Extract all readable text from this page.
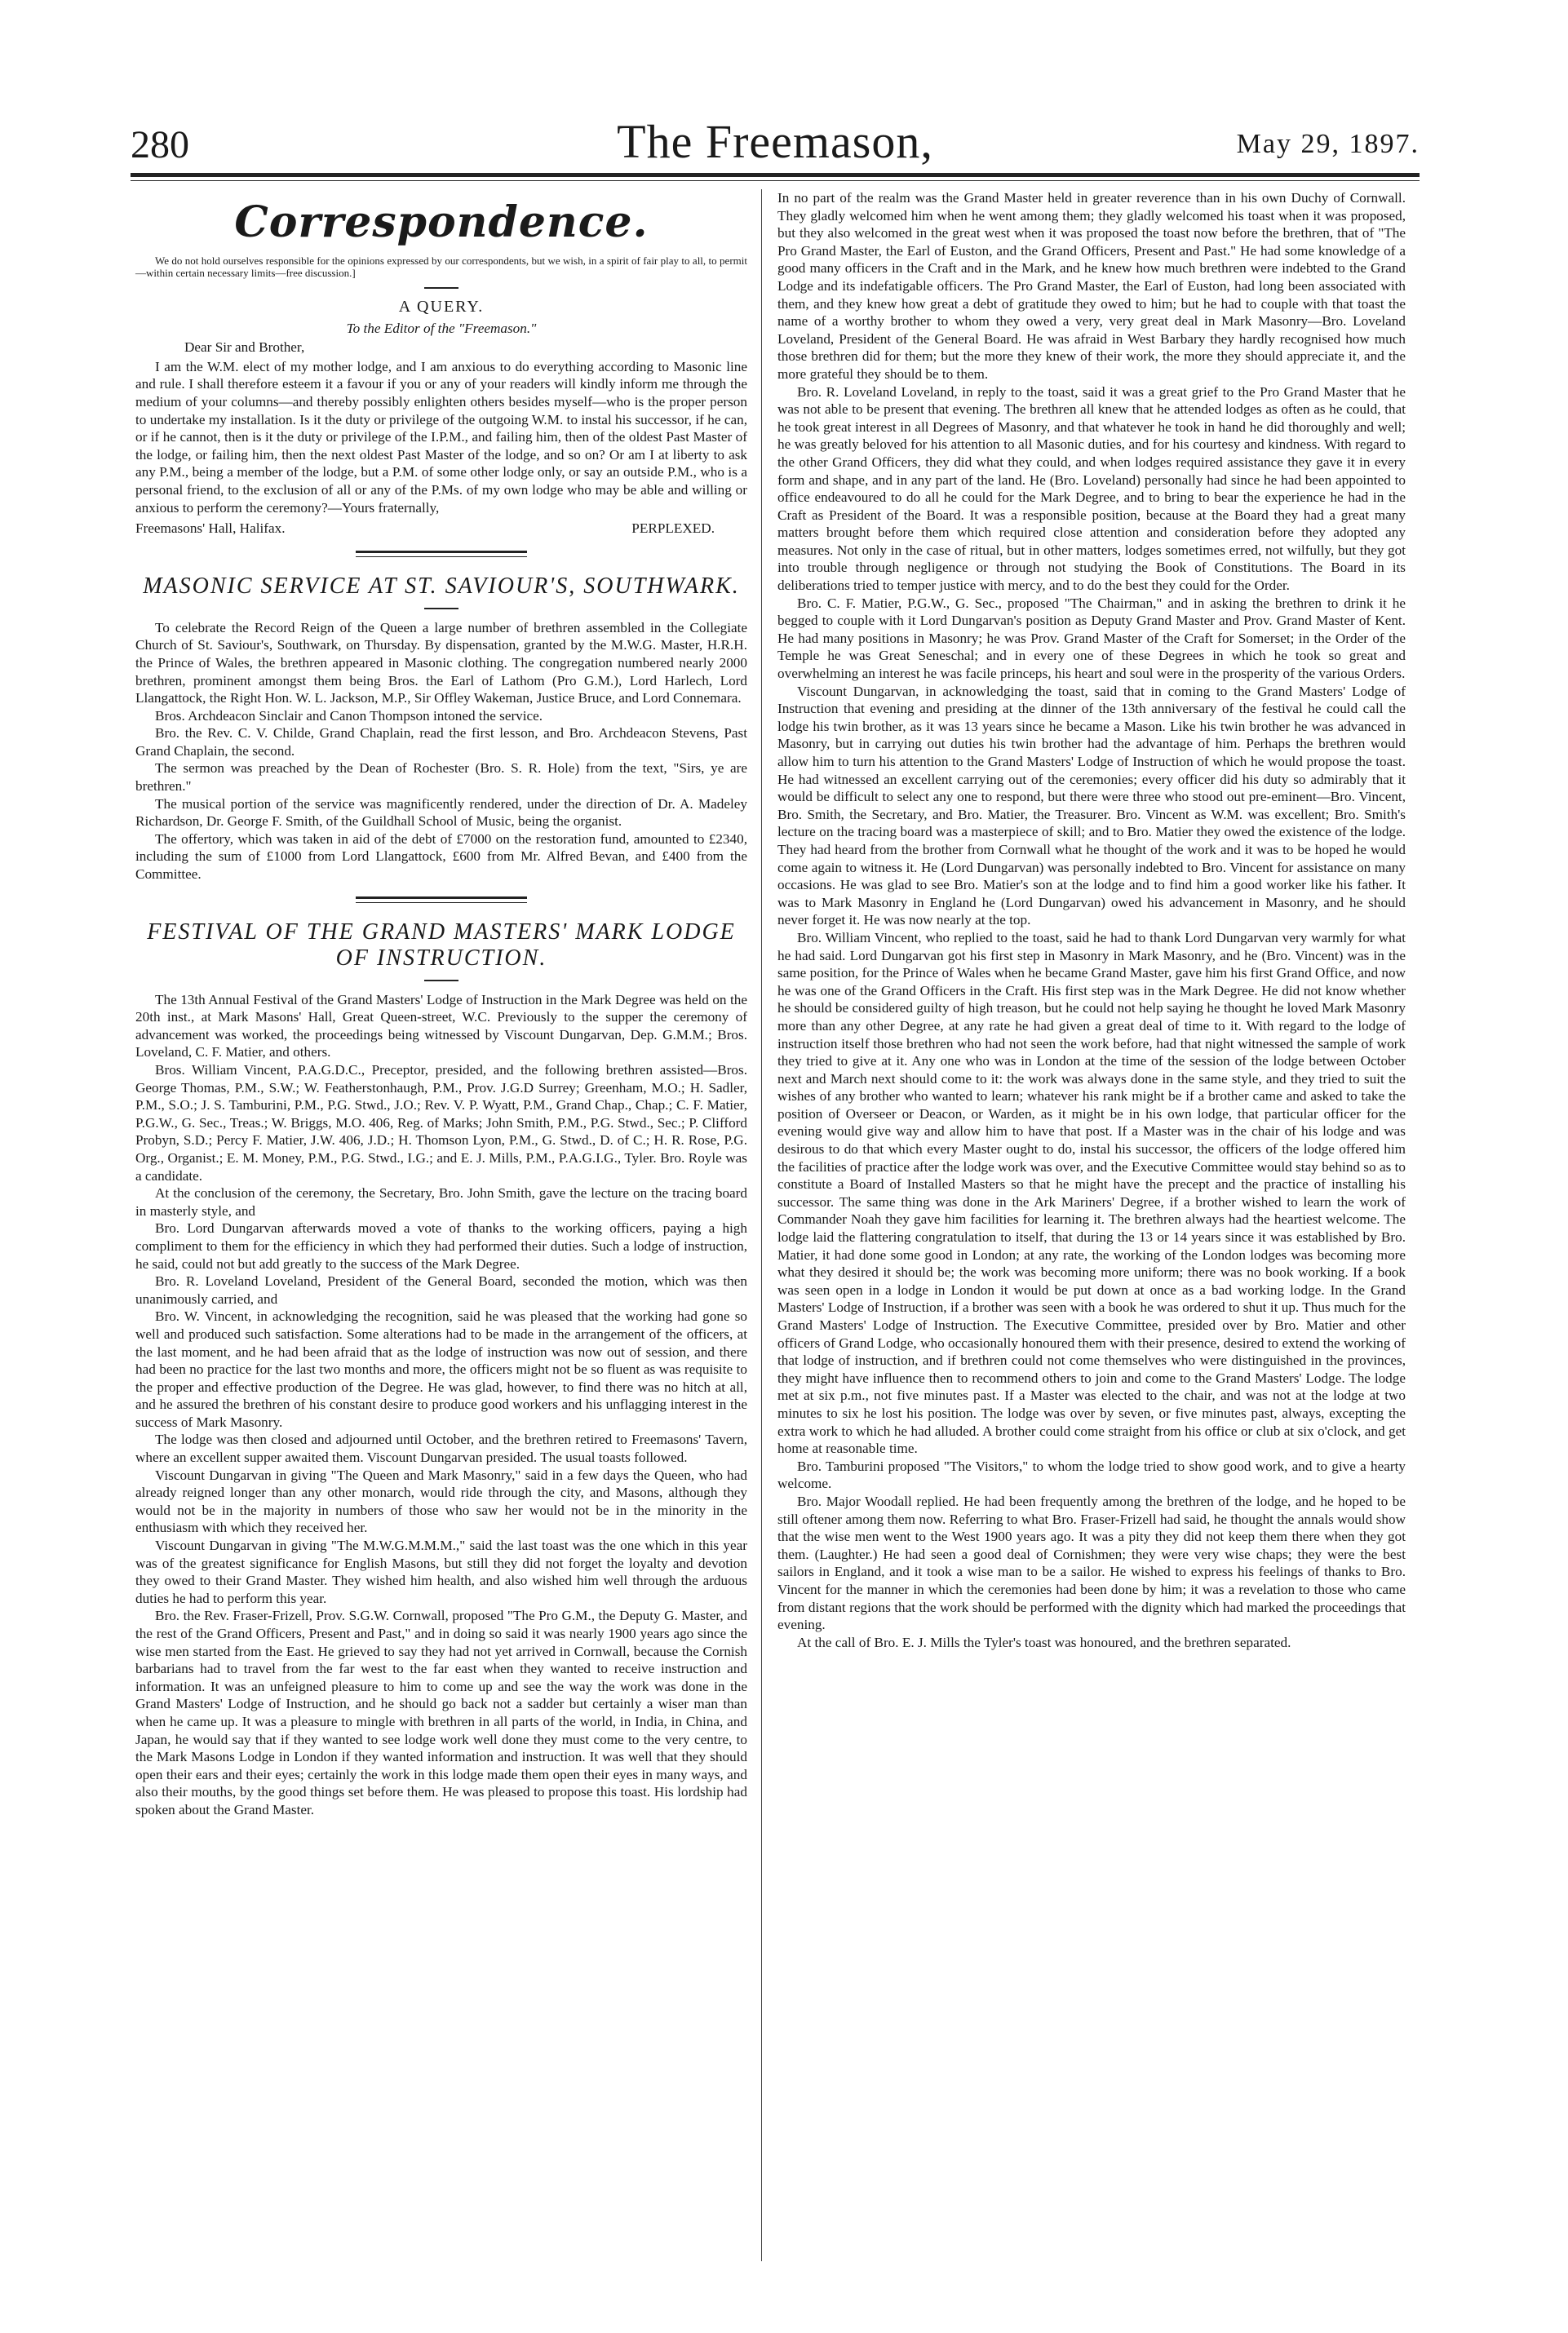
280	The Freemason,	May 29, 1897.
Correspondence.

We do not hold ourselves responsible for the opinions expressed by our correspondents, but we wish, in a spirit of fair play to all, to permit—within certain necessary limits—free discussion.]

A QUERY.
To the Editor of the "Freemason."
Dear Sir and Brother,

I am the W.M. elect of my mother lodge, and I am anxious to do everything according to Masonic line and rule. I shall therefore esteem it a favour if you or any of your readers will kindly inform me through the medium of your columns—and thereby possibly enlighten others besides myself—who is the proper person to undertake my installation. Is it the duty or privilege of the outgoing W.M. to instal his successor, if he can, or if he cannot, then is it the duty or privilege of the I.P.M., and failing him, then of the oldest Past Master of the lodge, or failing him, then the next oldest Past Master of the lodge, and so on? Or am I at liberty to ask any P.M., being a member of the lodge, but a P.M. of some other lodge only, or say an outside P.M., who is a personal friend, to the exclusion of all or any of the P.Ms. of my own lodge who may be able and willing or anxious to perform the ceremony?—Yours fraternally,

Freemasons' Hall, Halifax.	PERPLEXED.
MASONIC SERVICE AT ST. SAVIOUR'S, SOUTHWARK.

To celebrate the Record Reign of the Queen a large number of brethren assembled in the Collegiate Church of St. Saviour's, Southwark, on Thursday. By dispensation, granted by the M.W.G. Master, H.R.H. the Prince of Wales, the brethren appeared in Masonic clothing. The congregation numbered nearly 2000 brethren, prominent amongst them being Bros. the Earl of Lathom (Pro G.M.), Lord Harlech, Lord Llangattock, the Right Hon. W. L. Jackson, M.P., Sir Offley Wakeman, Justice Bruce, and Lord Connemara.

Bros. Archdeacon Sinclair and Canon Thompson intoned the service.

Bro. the Rev. C. V. Childe, Grand Chaplain, read the first lesson, and Bro. Archdeacon Stevens, Past Grand Chaplain, the second.

The sermon was preached by the Dean of Rochester (Bro. S. R. Hole) from the text, "Sirs, ye are brethren."

The musical portion of the service was magnificently rendered, under the direction of Dr. A. Madeley Richardson, Dr. George F. Smith, of the Guildhall School of Music, being the organist.

The offertory, which was taken in aid of the debt of £7000 on the restoration fund, amounted to £2340, including the sum of £1000 from Lord Llangattock, £600 from Mr. Alfred Bevan, and £400 from the Committee.

FESTIVAL OF THE GRAND MASTERS' MARK LODGE OF INSTRUCTION.

The 13th Annual Festival of the Grand Masters' Lodge of Instruction in the Mark Degree was held on the 20th inst., at Mark Masons' Hall, Great Queen-street, W.C. Previously to the supper the ceremony of advancement was worked, the proceedings being witnessed by Viscount Dungarvan, Dep. G.M.M.; Bros. Loveland, C. F. Matier, and others.

Bros. William Vincent, P.A.G.D.C., Preceptor, presided, and the following brethren assisted—Bros. George Thomas, P.M., S.W.; W. Featherstonhaugh, P.M., Prov. J.G.D Surrey; Greenham, M.O.; H. Sadler, P.M., S.O.; J. S. Tamburini, P.M., P.G. Stwd., J.O.; Rev. V. P. Wyatt, P.M., Grand Chap., Chap.; C. F. Matier, P.G.W., G. Sec., Treas.; W. Briggs, M.O. 406, Reg. of Marks; John Smith, P.M., P.G. Stwd., Sec.; P. Clifford Probyn, S.D.; Percy F. Matier, J.W. 406, J.D.; H. Thomson Lyon, P.M., G. Stwd., D. of C.; H. R. Rose, P.G. Org., Organist.; E. M. Money, P.M., P.G. Stwd., I.G.; and E. J. Mills, P.M., P.A.G.I.G., Tyler. Bro. Royle was a candidate.

At the conclusion of the ceremony, the Secretary, Bro. John Smith, gave the lecture on the tracing board in masterly style, and

Bro. Lord Dungarvan afterwards moved a vote of thanks to the working officers, paying a high compliment to them for the efficiency in which they had performed their duties. Such a lodge of instruction, he said, could not but add greatly to the success of the Mark Degree.

Bro. R. Loveland Loveland, President of the General Board, seconded the motion, which was then unanimously carried, and

Bro. W. Vincent, in acknowledging the recognition, said he was pleased that the working had gone so well and produced such satisfaction. Some alterations had to be made in the arrangement of the officers, at the last moment, and he had been afraid that as the lodge of instruction was now out of session, and there had been no practice for the last two months and more, the officers might not be so fluent as was requisite to the proper and effective production of the Degree. He was glad, however, to find there was no hitch at all, and he assured the brethren of his constant desire to produce good workers and his unflagging interest in the success of Mark Masonry.

The lodge was then closed and adjourned until October, and the brethren retired to Freemasons' Tavern, where an excellent supper awaited them. Viscount Dungarvan presided. The usual toasts followed.

Viscount Dungarvan in giving "The Queen and Mark Masonry," said in a few days the Queen, who had already reigned longer than any other monarch, would ride through the city, and Masons, although they would not be in the majority in numbers of those who saw her would not be in the minority in the enthusiasm with which they received her.

Viscount Dungarvan in giving "The M.W.G.M.M.M.," said the last toast was the one which in this year was of the greatest significance for English Masons, but still they did not forget the loyalty and devotion they owed to their Grand Master. They wished him health, and also wished him well through the arduous duties he had to perform this year.

Bro. the Rev. Fraser-Frizell, Prov. S.G.W. Cornwall, proposed "The Pro G.M., the Deputy G. Master, and the rest of the Grand Officers, Present and Past," and in doing so said it was nearly 1900 years ago since the wise men started from the East. He grieved to say they had not yet arrived in Cornwall, because the Cornish barbarians had to travel from the far west to the far east when they wanted to receive instruction and information. It was an unfeigned pleasure to him to come up and see the way the work was done in the Grand Masters' Lodge of Instruction, and he should go back not a sadder but certainly a wiser man than when he came up. It was a pleasure to mingle with brethren in all parts of the world, in India, in China, and Japan, he would say that if they wanted to see lodge work well done they must come to the very centre, to the Mark Masons Lodge in London if they wanted information and instruction. It was well that they should open their ears and their eyes; certainly the work in this lodge made them open their eyes in many ways, and also their mouths, by the good things set before them. He was pleased to propose this toast. His lordship had spoken about the Grand Master.

In no part of the realm was the Grand Master held in greater reverence than in his own Duchy of Cornwall. They gladly welcomed him when he went among them; they gladly welcomed his toast when it was proposed, but they also welcomed in the great west when it was proposed the toast now before the brethren, that of "The Pro Grand Master, the Earl of Euston, and the Grand Officers, Present and Past." He had some knowledge of a good many officers in the Craft and in the Mark, and he knew how much brethren were indebted to the Grand Lodge and its indefatigable officers. The Pro Grand Master, the Earl of Euston, had long been associated with them, and they knew how great a debt of gratitude they owed to him; but he had to couple with that toast the name of a worthy brother to whom they owed a very, very great deal in Mark Masonry—Bro. Loveland Loveland, President of the General Board. He was afraid in West Barbary they hardly recognised how much those brethren did for them; but the more they knew of their work, the more they should appreciate it, and the more grateful they should be to them.

Bro. R. Loveland Loveland, in reply to the toast, said it was a great grief to the Pro Grand Master that he was not able to be present that evening. The brethren all knew that he attended lodges as often as he could, that he took great interest in all Degrees of Masonry, and that whatever he took in hand he did thoroughly and well; he was greatly beloved for his attention to all Masonic duties, and for his courtesy and kindness. With regard to the other Grand Officers, they did what they could, and when lodges required assistance they gave it in every form and shape, and in any part of the land. He (Bro. Loveland) personally had since he had been appointed to office endeavoured to do all he could for the Mark Degree, and to bring to bear the experience he had in the Craft as President of the Board. It was a responsible position, because at the Board they had a great many matters brought before them which required close attention and consideration before they adopted any measures. Not only in the case of ritual, but in other matters, lodges sometimes erred, not wilfully, but they got into trouble through negligence or through not studying the Book of Constitutions. The Board in its deliberations tried to temper justice with mercy, and to do the best they could for the Order.

Bro. C. F. Matier, P.G.W., G. Sec., proposed "The Chairman," and in asking the brethren to drink it he begged to couple with it Lord Dungarvan's position as Deputy Grand Master and Prov. Grand Master of Kent. He had many positions in Masonry; he was Prov. Grand Master of the Craft for Somerset; in the Order of the Temple he was Great Seneschal; and in every one of these Degrees in which he took so great and overwhelming an interest he was facile princeps, his heart and soul were in the prosperity of the various Orders.

Viscount Dungarvan, in acknowledging the toast, said that in coming to the Grand Masters' Lodge of Instruction that evening and presiding at the dinner of the 13th anniversary of the festival he could call the lodge his twin brother, as it was 13 years since he became a Mason. Like his twin brother he was advanced in Masonry, but in carrying out duties his twin brother had the advantage of him. Perhaps the brethren would allow him to turn his attention to the Grand Masters' Lodge of Instruction of which he would propose the toast. He had witnessed an excellent carrying out of the ceremonies; every officer did his duty so admirably that it would be difficult to select any one to respond, but there were three who stood out pre-eminent—Bro. Vincent, Bro. Smith, the Secretary, and Bro. Matier, the Treasurer. Bro. Vincent as W.M. was excellent; Bro. Smith's lecture on the tracing board was a masterpiece of skill; and to Bro. Matier they owed the existence of the lodge. They had heard from the brother from Cornwall what he thought of the work and it was to be hoped he would come again to witness it. He (Lord Dungarvan) was personally indebted to Bro. Vincent for assistance on many occasions. He was glad to see Bro. Matier's son at the lodge and to find him a good worker like his father. It was to Mark Masonry in England he (Lord Dungarvan) owed his advancement in Masonry, and he should never forget it. He was now nearly at the top.

Bro. William Vincent, who replied to the toast, said he had to thank Lord Dungarvan very warmly for what he had said. Lord Dungarvan got his first step in Masonry in Mark Masonry, and he (Bro. Vincent) was in the same position, for the Prince of Wales when he became Grand Master, gave him his first Grand Office, and now he was one of the Grand Officers in the Craft. His first step was in the Mark Degree. He did not know whether he should be considered guilty of high treason, but he could not help saying he thought he loved Mark Masonry more than any other Degree, at any rate he had given a great deal of time to it. With regard to the lodge of instruction itself those brethren who had not seen the work before, had that night witnessed the sample of work they tried to give at it. Any one who was in London at the time of the session of the lodge between October next and March next should come to it: the work was always done in the same style, and they tried to suit the wishes of any brother who wanted to learn; whatever his rank might be if a brother came and asked to take the position of Overseer or Deacon, or Warden, as it might be in his own lodge, that particular officer for the evening would give way and allow him to have that post. If a Master was in the chair of his lodge and was desirous to do that which every Master ought to do, instal his successor, the officers of the lodge offered him the facilities of practice after the lodge work was over, and the Executive Committee would stay behind so as to constitute a Board of Installed Masters so that he might have the precept and the practice of installing his successor. The same thing was done in the Ark Mariners' Degree, if a brother wished to learn the work of Commander Noah they gave him facilities for learning it. The brethren always had the heartiest welcome. The lodge laid the flattering congratulation to itself, that during the 13 or 14 years since it was established by Bro. Matier, it had done some good in London; at any rate, the working of the London lodges was becoming more what they desired it should be; the work was becoming more uniform; there was no book working. If a book was seen open in a lodge in London it would be put down at once as a bad working lodge. In the Grand Masters' Lodge of Instruction, if a brother was seen with a book he was ordered to shut it up. Thus much for the Grand Masters' Lodge of Instruction. The Executive Committee, presided over by Bro. Matier and other officers of Grand Lodge, who occasionally honoured them with their presence, desired to extend the working of that lodge of instruction, and if brethren could not come themselves who were distinguished in the provinces, they might have influence then to recommend others to join and come to the Grand Masters' Lodge. The lodge met at six p.m., not five minutes past. If a Master was elected to the chair, and was not at the lodge at two minutes to six he lost his position. The lodge was over by seven, or five minutes past, always, excepting the extra work to which he had alluded. A brother could come straight from his office or club at six o'clock, and get home at reasonable time.

Bro. Tamburini proposed "The Visitors," to whom the lodge tried to show good work, and to give a hearty welcome.

Bro. Major Woodall replied. He had been frequently among the brethren of the lodge, and he hoped to be still oftener among them now. Referring to what Bro. Fraser-Frizell had said, he thought the annals would show that the wise men went to the West 1900 years ago. It was a pity they did not keep them there when they got them. (Laughter.) He had seen a good deal of Cornishmen; they were very wise chaps; they were the best sailors in England, and it took a wise man to be a sailor. He wished to express his feelings of thanks to Bro. Vincent for the manner in which the ceremonies had been done by him; it was a revelation to those who came from distant regions that the work should be performed with the dignity which had marked the proceedings that evening.

At the call of Bro. E. J. Mills the Tyler's toast was honoured, and the brethren separated.
